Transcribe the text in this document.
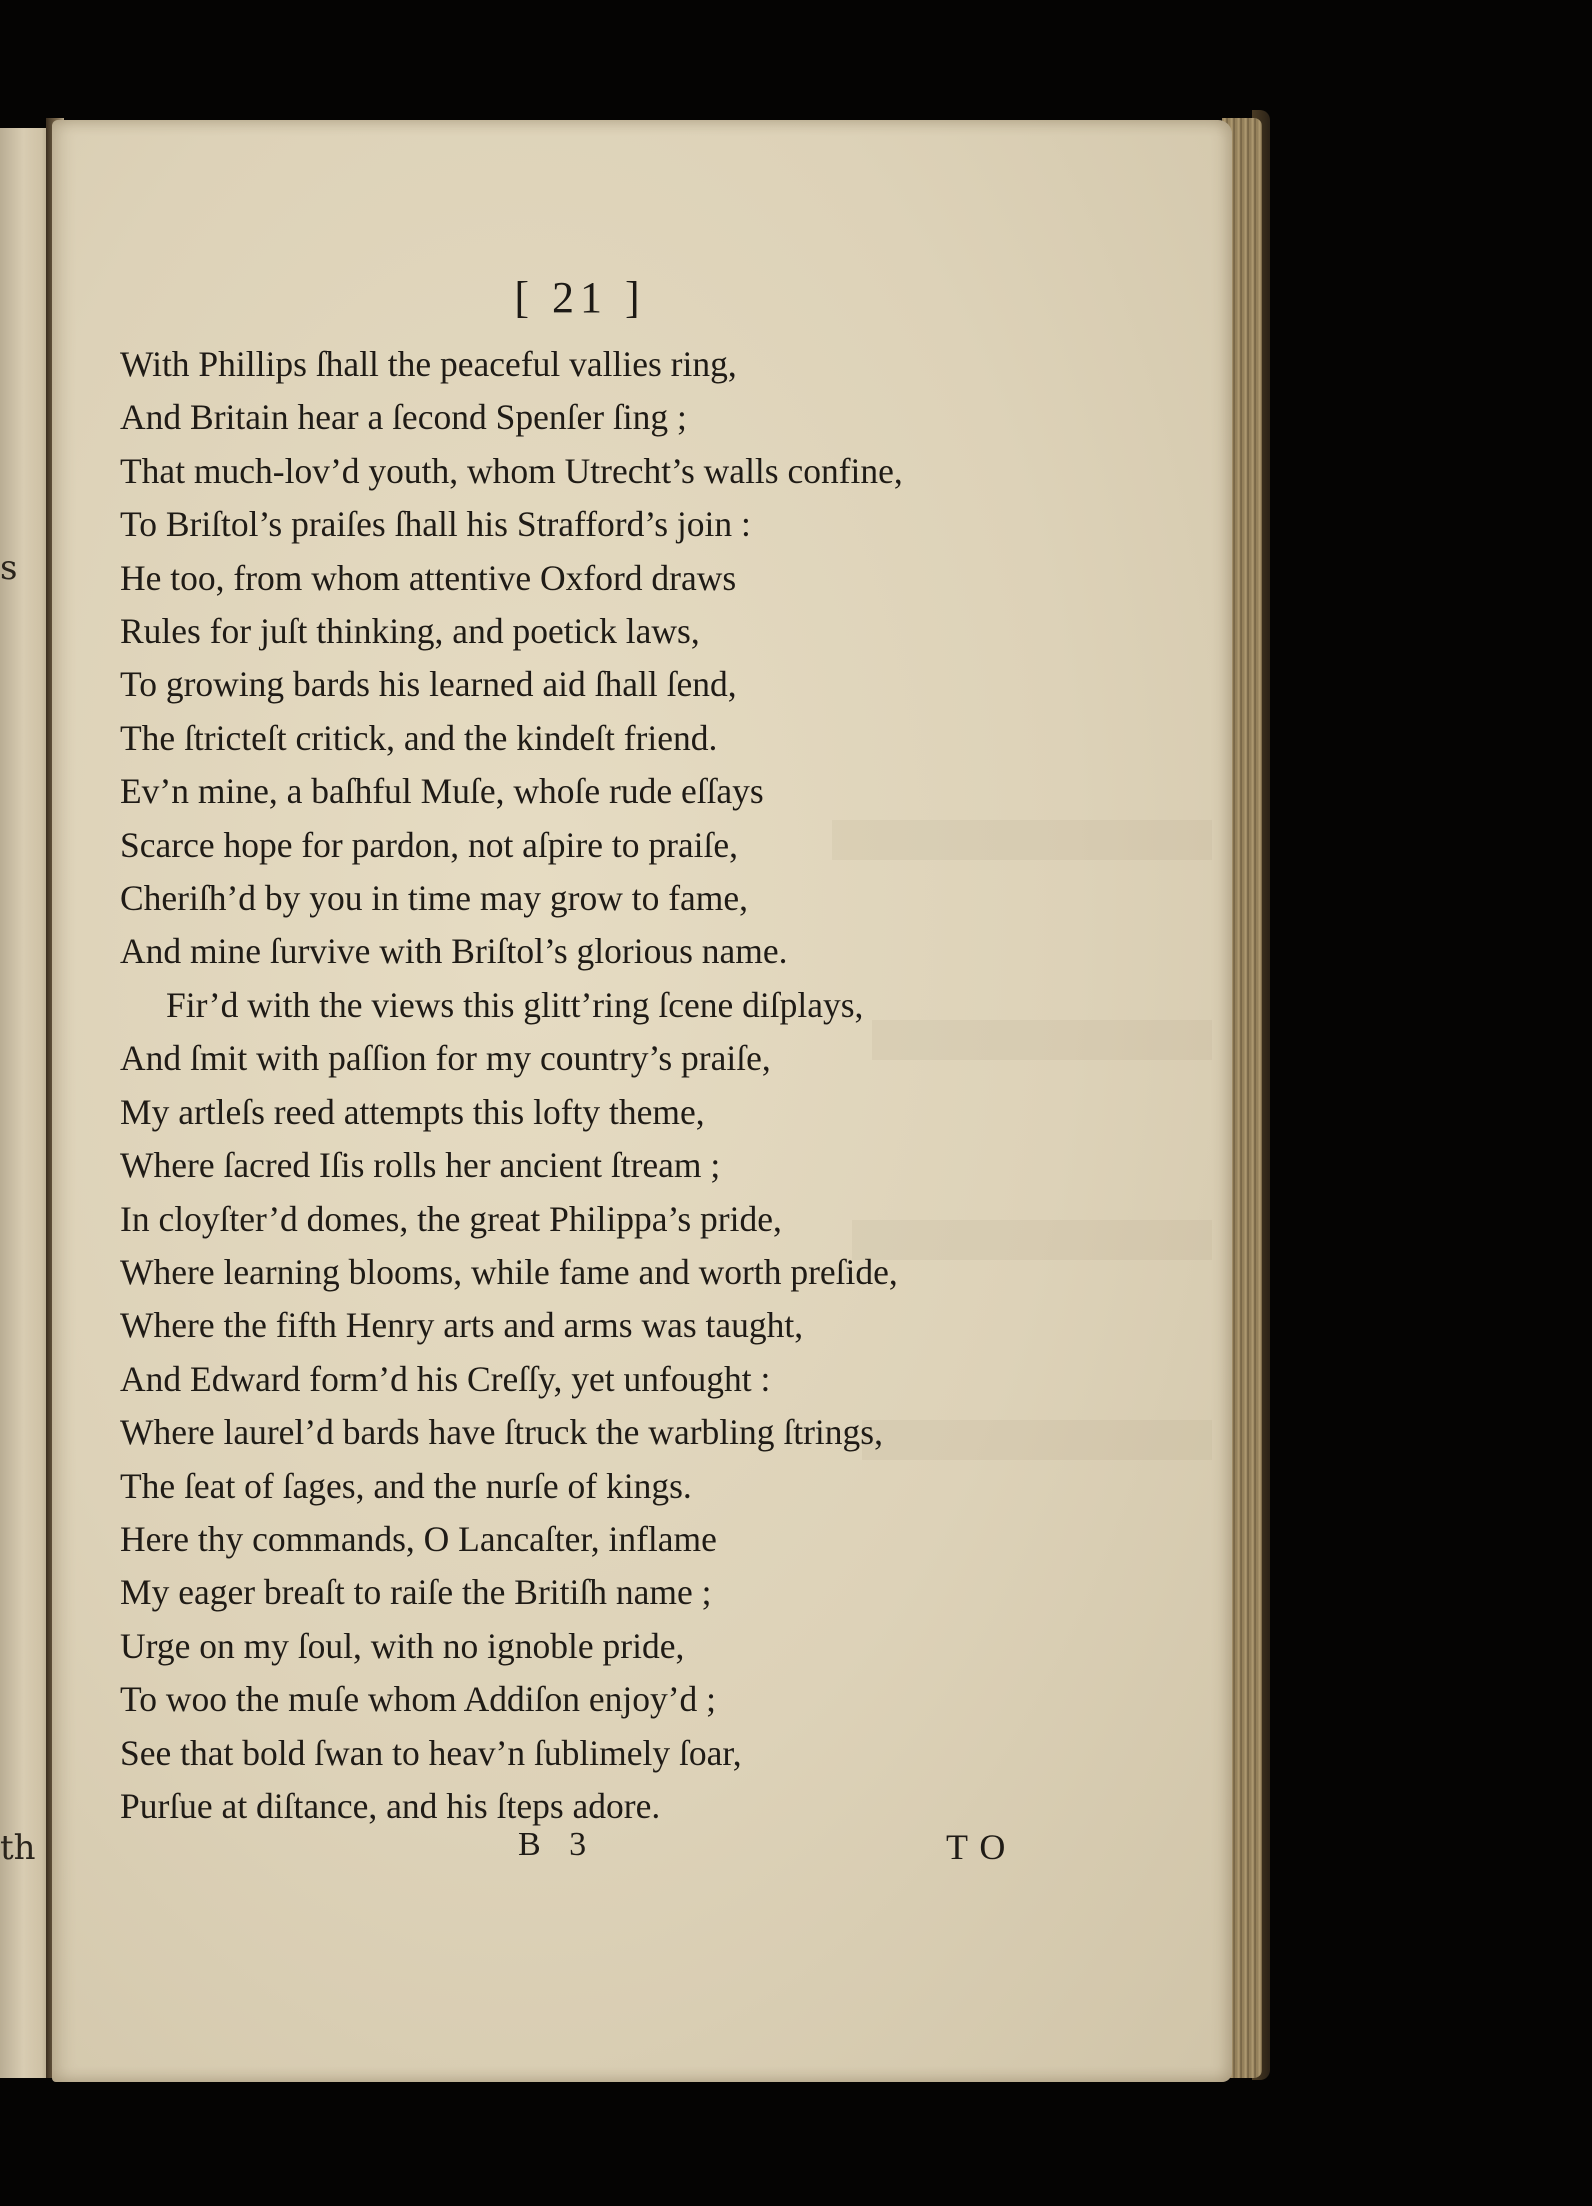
s
th
[ 21 ]
With Phillips ſhall the peaceful vallies ring,
And Britain hear a ſecond Spenſer ſing ;
That much-lov’d youth, whom Utrecht’s walls confine,
To Briſtol’s praiſes ſhall his Strafford’s join :
He too, from whom attentive Oxford draws
Rules for juſt thinking, and poetick laws,
To growing bards his learned aid ſhall ſend,
The ſtricteſt critick, and the kindeſt friend.
Ev’n mine, a baſhful Muſe, whoſe rude eſſays
Scarce hope for pardon, not aſpire to praiſe,
Cheriſh’d by you in time may grow to fame,
And mine ſurvive with Briſtol’s glorious name.
Fir’d with the views this glitt’ring ſcene diſplays,
And ſmit with paſſion for my country’s praiſe,
My artleſs reed attempts this lofty theme,
Where ſacred Iſis rolls her ancient ſtream ;
In cloyſter’d domes, the great Philippa’s pride,
Where learning blooms, while fame and worth preſide,
Where the fifth Henry arts and arms was taught,
And Edward form’d his Creſſy, yet unfought :
Where laurel’d bards have ſtruck the warbling ſtrings,
The ſeat of ſages, and the nurſe of kings.
Here thy commands, O Lancaſter, inflame
My eager breaſt to raiſe the Britiſh name ;
Urge on my ſoul, with no ignoble pride,
To woo the muſe whom Addiſon enjoy’d ;
See that bold ſwan to heav’n ſublimely ſoar,
Purſue at diſtance, and his ſteps adore.
B 3	TO
